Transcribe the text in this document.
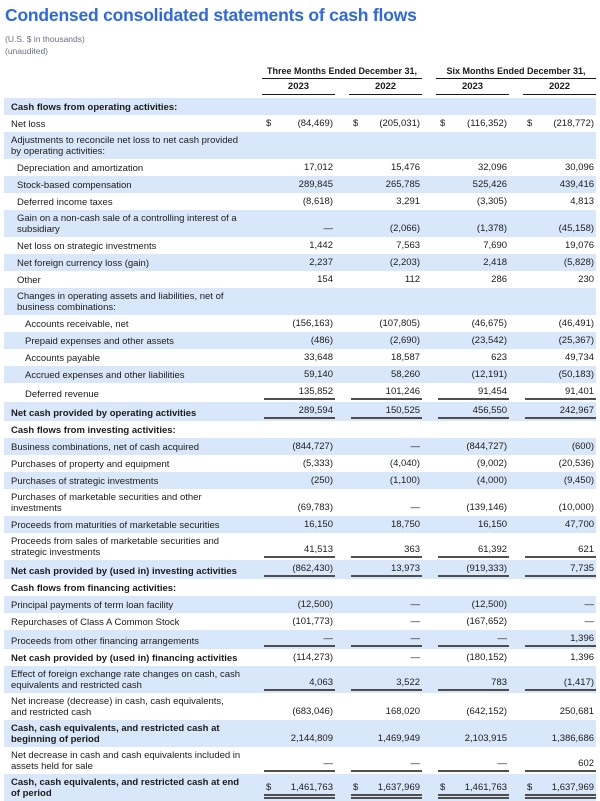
Condensed consolidated statements of cash flows
(U.S. $ in thousands)
(unaudited)

	Three Months Ended December 31,		Six Months Ended December 31,	

	2023	2022	2023	2022

Cash flows from operating activities:	

Net loss	$ (84,469)	$ (205,031)	$ (116,352)	$ (218,772)

Adjustments to reconcile net loss to net cash provided by operating activities:	

Depreciation and amortization	17,012	15,476	32,096	30,096

Stock-based compensation	289,845	265,785	525,426	439,416

Deferred income taxes	(8,618)	3,291	(3,305)	4,813

Gain on a non-cash sale of a controlling interest of a subsidiary	—	(2,066)	(1,378)	(45,158)

Net loss on strategic investments	1,442	7,563	7,690	19,076

Net foreign currency loss (gain)	2,237	(2,203)	2,418	(5,828)

Other	154	112	286	230

Changes in operating assets and liabilities, net of business combinations:	

Accounts receivable, net	(156,163)	(107,805)	(46,675)	(46,491)

Prepaid expenses and other assets	(486)	(2,690)	(23,542)	(25,367)

Accounts payable	33,648	18,587	623	49,734

Accrued expenses and other liabilities	59,140	58,260	(12,191)	(50,183)

Deferred revenue	135,852	101,246	91,454	91,401

Net cash provided by operating activities	289,594	150,525	456,550	242,967

Cash flows from investing activities:	

Business combinations, net of cash acquired	(844,727)	—	(844,727)	(600)

Purchases of property and equipment	(5,333)	(4,040)	(9,002)	(20,536)

Purchases of strategic investments	(250)	(1,100)	(4,000)	(9,450)

Purchases of marketable securities and other investments	(69,783)	—	(139,146)	(10,000)

Proceeds from maturities of marketable securities	16,150	18,750	16,150	47,700

Proceeds from sales of marketable securities and strategic investments	41,513	363	61,392	621

Net cash provided by (used in) investing activities	(862,430)	13,973	(919,333)	7,735

Cash flows from financing activities:	

Principal payments of term loan facility	(12,500)	—	(12,500)	—

Repurchases of Class A Common Stock	(101,773)	—	(167,652)	—

Proceeds from other financing arrangements	—	—	—	1,396

Net cash provided by (used in) financing activities	(114,273)	—	(180,152)	1,396

Effect of foreign exchange rate changes on cash, cash equivalents and restricted cash	4,063	3,522	783	(1,417)

Net increase (decrease) in cash, cash equivalents, and restricted cash	(683,046)	168,020	(642,152)	250,681

Cash, cash equivalents, and restricted cash at beginning of period	2,144,809	1,469,949	2,103,915	1,386,686

Net decrease in cash and cash equivalents included in assets held for sale	—	—	—	602

Cash, cash equivalents, and restricted cash at end of period	$ 1,461,763	$ 1,637,969	$ 1,461,763	$ 1,637,969
